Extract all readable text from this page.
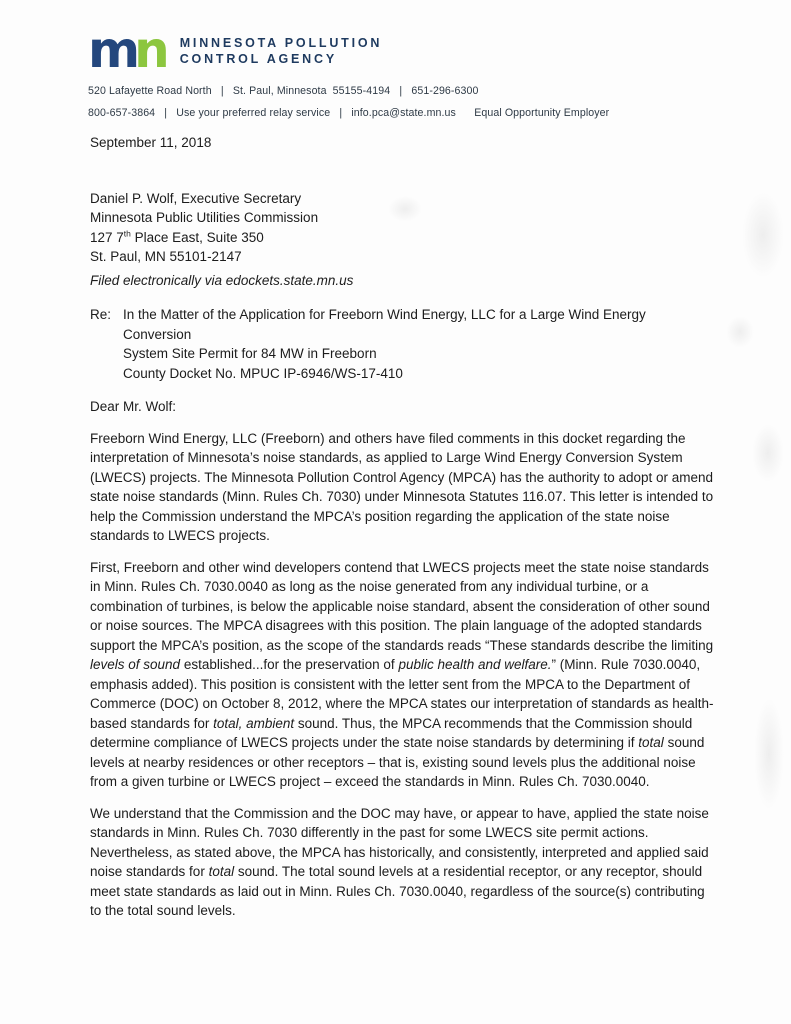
mn MINNESOTA POLLUTION
CONTROL AGENCY
520 Lafayette Road North   |   St. Paul, Minnesota  55155-4194   |   651-296-6300
800-657-3864   |   Use your preferred relay service   |   info.pca@state.mn.us      Equal Opportunity Employer
September 11, 2018
Daniel P. Wolf, Executive Secretary
Minnesota Public Utilities Commission
127 7th Place East, Suite 350
St. Paul, MN 55101-2147
Filed electronically via edockets.state.mn.us
Re: In the Matter of the Application for Freeborn Wind Energy, LLC for a Large Wind Energy Conversion
System Site Permit for 84 MW in Freeborn
County Docket No. MPUC IP-6946/WS-17-410
Dear Mr. Wolf:

Freeborn Wind Energy, LLC (Freeborn) and others have filed comments in this docket regarding the interpretation of Minnesota’s noise standards, as applied to Large Wind Energy Conversion System (LWECS) projects. The Minnesota Pollution Control Agency (MPCA) has the authority to adopt or amend state noise standards (Minn. Rules Ch. 7030) under Minnesota Statutes 116.07. This letter is intended to help the Commission understand the MPCA’s position regarding the application of the state noise standards to LWECS projects.

First, Freeborn and other wind developers contend that LWECS projects meet the state noise standards in Minn. Rules Ch. 7030.0040 as long as the noise generated from any individual turbine, or a combination of turbines, is below the applicable noise standard, absent the consideration of other sound or noise sources. The MPCA disagrees with this position. The plain language of the adopted standards support the MPCA’s position, as the scope of the standards reads “These standards describe the limiting levels of sound established...for the preservation of public health and welfare.” (Minn. Rule 7030.0040, emphasis added). This position is consistent with the letter sent from the MPCA to the Department of Commerce (DOC) on October 8, 2012, where the MPCA states our interpretation of standards as health-based standards for total, ambient sound. Thus, the MPCA recommends that the Commission should determine compliance of LWECS projects under the state noise standards by determining if total sound levels at nearby residences or other receptors – that is, existing sound levels plus the additional noise from a given turbine or LWECS project – exceed the standards in Minn. Rules Ch. 7030.0040.

We understand that the Commission and the DOC may have, or appear to have, applied the state noise standards in Minn. Rules Ch. 7030 differently in the past for some LWECS site permit actions. Nevertheless, as stated above, the MPCA has historically, and consistently, interpreted and applied said noise standards for total sound. The total sound levels at a residential receptor, or any receptor, should meet state standards as laid out in Minn. Rules Ch. 7030.0040, regardless of the source(s) contributing to the total sound levels.
